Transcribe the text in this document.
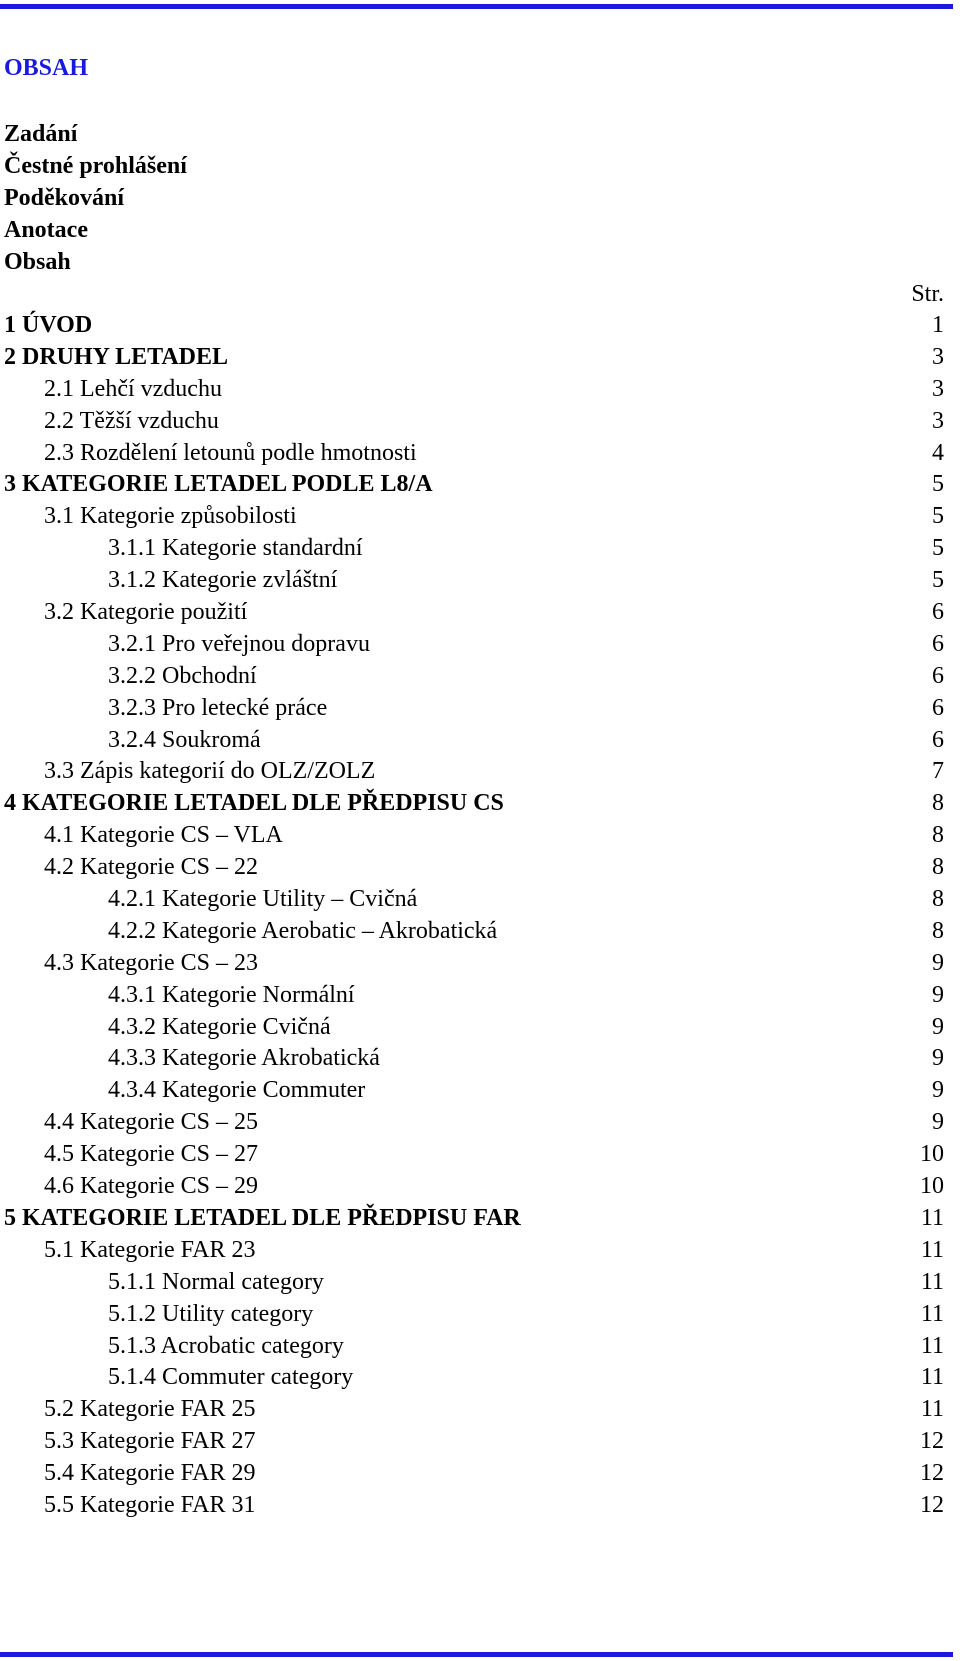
OBSAH
Zadání
Čestné prohlášení
Poděkování
Anotace
Obsah
Str.
1 ÚVOD	1
2 DRUHY LETADEL	3
2.1 Lehčí vzduchu	3
2.2 Těžší vzduchu	3
2.3 Rozdělení letounů podle hmotnosti	4
3 KATEGORIE LETADEL PODLE L8/A	5
3.1 Kategorie způsobilosti	5
3.1.1 Kategorie standardní	5
3.1.2 Kategorie zvláštní	5
3.2 Kategorie použití	6
3.2.1 Pro veřejnou dopravu	6
3.2.2 Obchodní	6
3.2.3 Pro letecké práce	6
3.2.4 Soukromá	6
3.3 Zápis kategorií do OLZ/ZOLZ	7
4 KATEGORIE LETADEL DLE PŘEDPISU CS	8
4.1 Kategorie CS – VLA	8
4.2 Kategorie CS – 22	8
4.2.1 Kategorie Utility – Cvičná	8
4.2.2 Kategorie Aerobatic – Akrobatická	8
4.3 Kategorie CS – 23	9
4.3.1 Kategorie Normální	9
4.3.2 Kategorie Cvičná	9
4.3.3 Kategorie Akrobatická	9
4.3.4 Kategorie Commuter	9
4.4 Kategorie CS – 25	9
4.5 Kategorie CS – 27	10
4.6 Kategorie CS – 29	10
5 KATEGORIE LETADEL DLE PŘEDPISU FAR	11
5.1 Kategorie FAR 23	11
5.1.1 Normal category	11
5.1.2 Utility category	11
5.1.3 Acrobatic category	11
5.1.4 Commuter category	11
5.2 Kategorie FAR 25	11
5.3 Kategorie FAR 27	12
5.4 Kategorie FAR 29	12
5.5 Kategorie FAR 31	12
